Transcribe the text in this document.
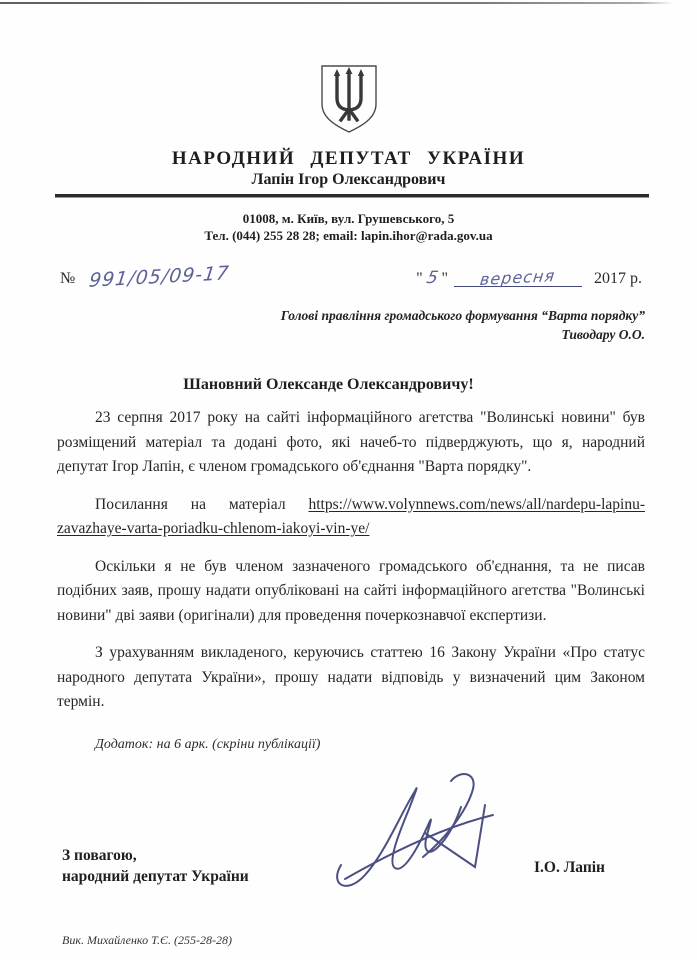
НАРОДНИЙ ДЕПУТАТ УКРАЇНИ
Лапін Ігор Олександрович
01008, м. Київ, вул. Грушевського, 5
Тел. (044) 255 28 28; email: lapin.ihor@rada.gov.ua
№ 991/05/09-17	" 5 "	вересня	2017 р.
Голові правління громадського формування “Варта порядку”
Тиводару О.О.
Шановний Олександе Олександровичу!

23 серпня 2017 року на сайті інформаційного агетства "Волинські новини" був розміщений матеріал та додані фото, які начеб-то підверджують, що я, народний депутат Ігор Лапін, є членом громадського об'єднання "Варта порядку".

Посилання на матеріал https://www.volynnews.com/news/all/nardepu-lapinu-zavazhaye-varta-poriadku-chlenom-iakoyi-vin-ye/

Оскільки я не був членом зазначеного громадського об'єднання, та не писав подібних заяв, прошу надати опубліковані на сайті інформаційного агетства "Волинські новини" дві заяви (оригінали) для проведення почеркознавчої експертизи.

З урахуванням викладеного, керуючись статтею 16 Закону України «Про статус народного депутата України», прошу надати відповідь у визначений цим Законом термін.

Додаток: на 6 арк. (скріни публікації)

З повагою,
народний депутат України
І.О. Лапін
Вик. Михайленко Т.Є. (255-28-28)
